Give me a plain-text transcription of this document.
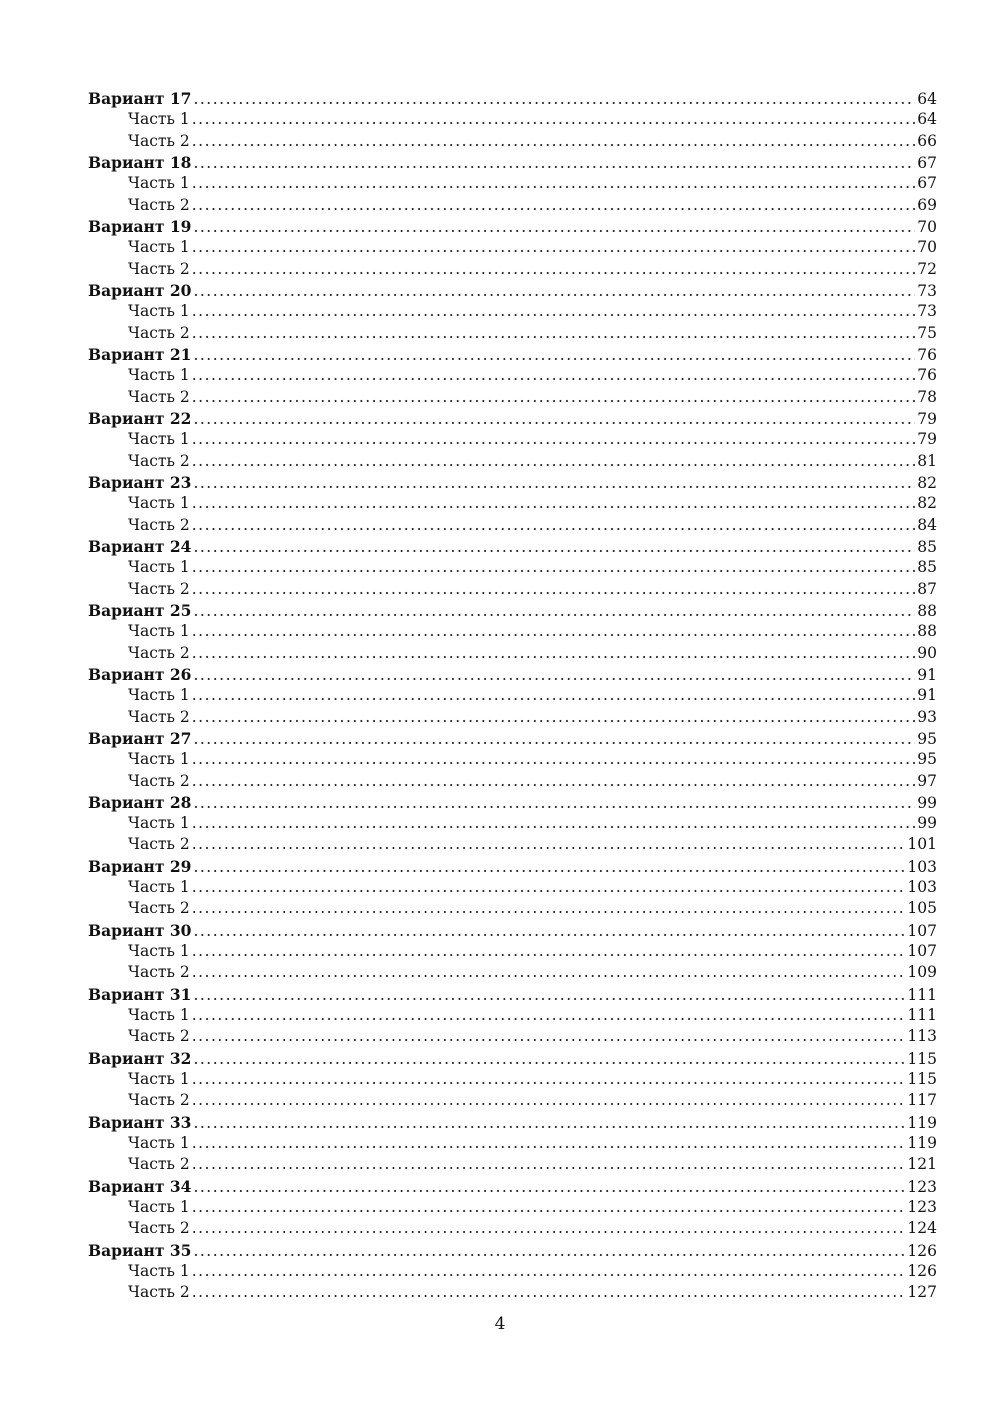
Вариант 17 .....	64
Часть 1 .....	64
Часть 2 .....	66
Вариант 18 .....	67
Часть 1 .....	67
Часть 2 .....	69
Вариант 19 .....	70
Часть 1 .....	70
Часть 2 .....	72
Вариант 20 .....	73
Часть 1 .....	73
Часть 2 .....	75
Вариант 21 .....	76
Часть 1 .....	76
Часть 2 .....	78
Вариант 22 .....	79
Часть 1 .....	79
Часть 2 .....	81
Вариант 23 .....	82
Часть 1 .....	82
Часть 2 .....	84
Вариант 24 .....	85
Часть 1 .....	85
Часть 2 .....	87
Вариант 25 .....	88
Часть 1 .....	88
Часть 2 .....	90
Вариант 26 .....	91
Часть 1 .....	91
Часть 2 .....	93
Вариант 27 .....	95
Часть 1 .....	95
Часть 2 .....	97
Вариант 28 .....	99
Часть 1 .....	99
Часть 2 .....	101
Вариант 29 .....	103
Часть 1 .....	103
Часть 2 .....	105
Вариант 30 .....	107
Часть 1 .....	107
Часть 2 .....	109
Вариант 31 .....	111
Часть 1 .....	111
Часть 2 .....	113
Вариант 32 .....	115
Часть 1 .....	115
Часть 2 .....	117
Вариант 33 .....	119
Часть 1 .....	119
Часть 2 .....	121
Вариант 34 .....	123
Часть 1 .....	123
Часть 2 .....	124
Вариант 35 .....	126
Часть 1 .....	126
Часть 2 .....	127
4
